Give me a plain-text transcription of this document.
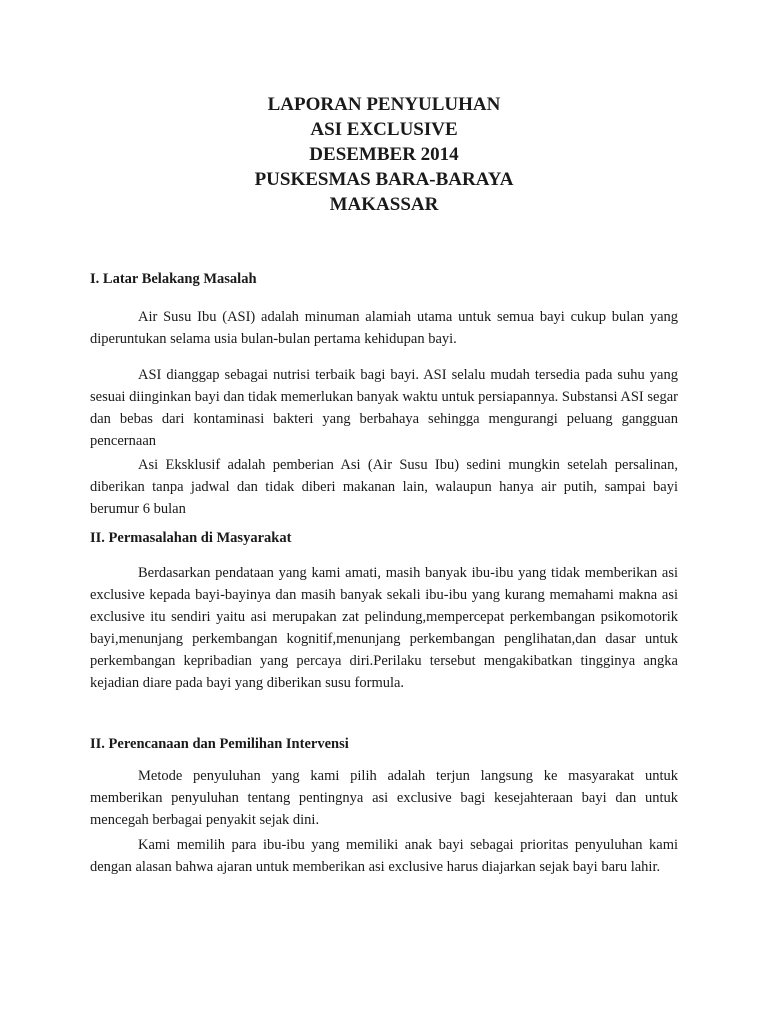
LAPORAN PENYULUHAN
ASI EXCLUSIVE
DESEMBER 2014
PUSKESMAS BARA-BARAYA
MAKASSAR
I. Latar Belakang Masalah
Air Susu Ibu (ASI) adalah minuman alamiah utama untuk semua bayi cukup bulan yang diperuntukan selama usia bulan-bulan pertama kehidupan bayi.
ASI dianggap sebagai nutrisi terbaik bagi bayi. ASI selalu mudah tersedia pada suhu yang sesuai diinginkan bayi dan tidak memerlukan banyak waktu untuk persiapannya. Substansi ASI segar dan bebas dari kontaminasi bakteri yang berbahaya sehingga mengurangi peluang gangguan pencernaan
Asi Eksklusif adalah pemberian Asi (Air Susu Ibu) sedini mungkin setelah persalinan, diberikan tanpa jadwal dan tidak diberi makanan lain, walaupun hanya air putih, sampai bayi berumur 6 bulan
II. Permasalahan di Masyarakat
Berdasarkan pendataan yang kami amati, masih banyak ibu-ibu yang tidak memberikan asi exclusive kepada bayi-bayinya dan masih banyak sekali ibu-ibu yang kurang memahami makna asi exclusive itu sendiri yaitu asi merupakan zat pelindung,mempercepat perkembangan psikomotorik bayi,menunjang perkembangan kognitif,menunjang perkembangan penglihatan,dan dasar untuk perkembangan kepribadian yang percaya diri.Perilaku tersebut mengakibatkan tingginya angka kejadian diare pada bayi yang diberikan susu formula.
II. Perencanaan dan Pemilihan Intervensi
Metode penyuluhan yang kami pilih adalah terjun langsung ke masyarakat untuk memberikan penyuluhan tentang pentingnya asi exclusive bagi kesejahteraan bayi dan untuk mencegah berbagai penyakit sejak dini.
Kami memilih para ibu-ibu yang memiliki anak bayi sebagai prioritas penyuluhan kami dengan alasan bahwa ajaran untuk memberikan asi exclusive harus diajarkan sejak bayi baru lahir.
